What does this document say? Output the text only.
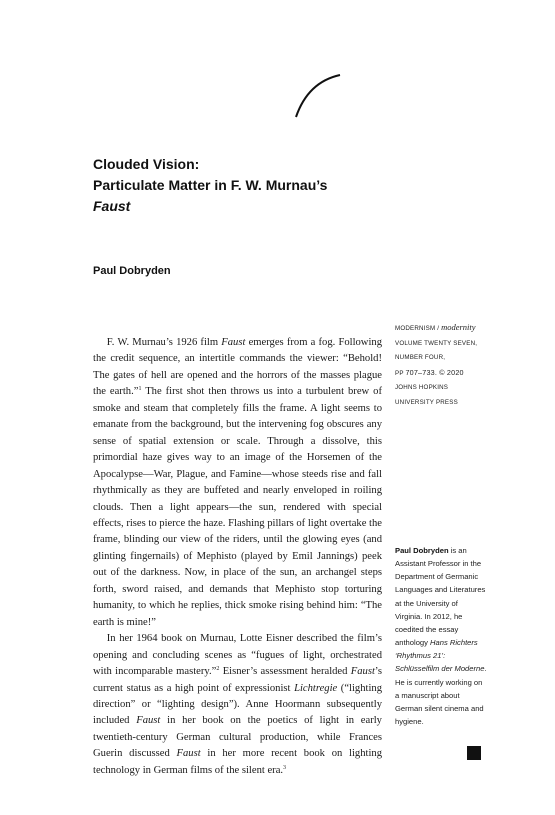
Clouded Vision:
Particulate Matter in F. W. Murnau’s
Faust
Paul Dobryden
MODERNISM / modernity
VOLUME TWENTY SEVEN,
NUMBER FOUR,
PP 707–733. © 2020
JOHNS HOPKINS
UNIVERSITY PRESS

F. W. Murnau’s 1926 film Faust emerges from a fog. Following the credit sequence, an intertitle commands the viewer: “Behold! The gates of hell are opened and the horrors of the masses plague the earth.”$^1$ The first shot then throws us into a turbulent brew of smoke and steam that completely fills the frame. A light seems to emanate from the background, but the intervening fog obscures any sense of spatial extension or scale. Through a dissolve, this primordial haze gives way to an image of the Horsemen of the Apocalypse—War, Plague, and Famine—whose steeds rise and fall rhythmically as they are buffeted and nearly enveloped in roiling clouds. Then a light appears—the sun, rendered with special effects, rises to pierce the haze. Flashing pillars of light overtake the frame, blinding our view of the riders, until the glowing eyes (and glinting fingernails) of Mephisto (played by Emil Jannings) peek out of the darkness. Now, in place of the sun, an archangel steps forth, sword raised, and demands that Mephisto stop torturing humanity, to which he replies, thick smoke rising behind him: “The earth is mine!”

In her 1964 book on Murnau, Lotte Eisner described the film’s opening and concluding scenes as “fugues of light, orchestrated with incomparable mastery.”$^2$ Eisner’s assessment heralded Faust’s current status as a high point of expressionist Lichtregie (“lighting direction” or “lighting design”). Anne Hoormann subsequently included Faust in her book on the poetics of light in early twentieth-century German cultural production, while Frances Guerin discussed Faust in her more recent book on lighting technology in German films of the silent era.$^3$

Paul Dobryden is an Assistant Professor in the Department of Germanic Languages and Literatures at the University of Virginia. In 2012, he coedited the essay anthology Hans Richters ‘Rhythmus 21’: Schlüsselfilm der Moderne. He is currently working on a manuscript about German silent cinema and hygiene.
